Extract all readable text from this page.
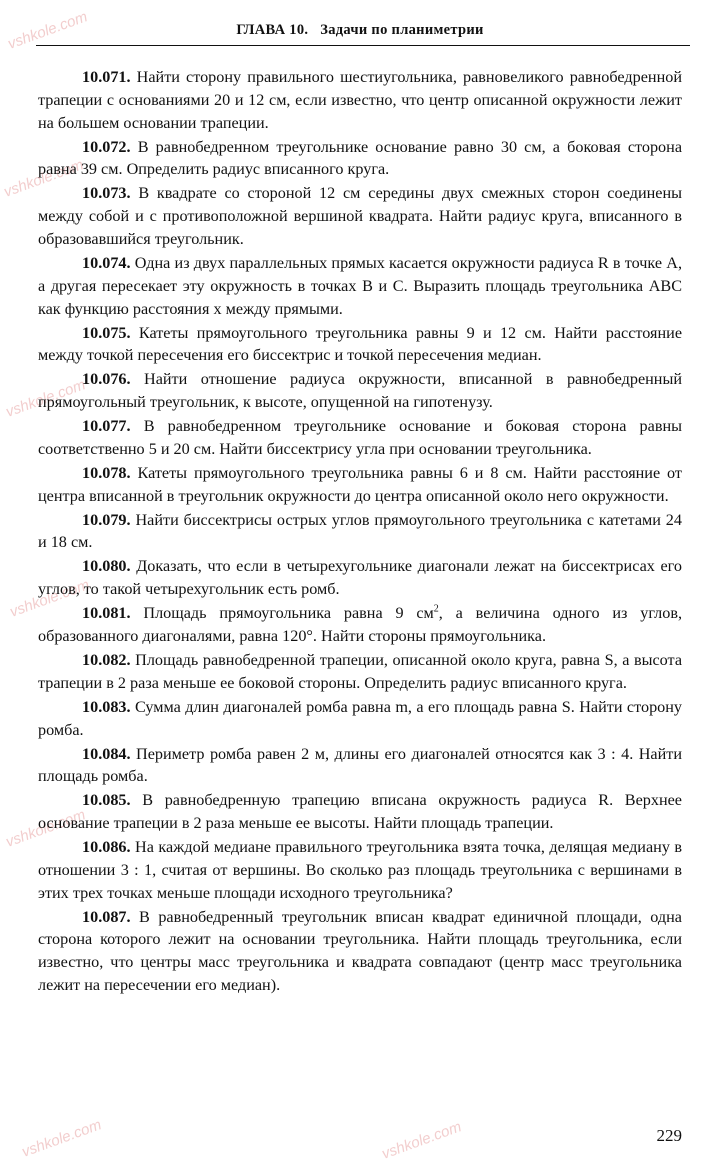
vshkole.com
vshkole.com
vshkole.com
vshkole.com
vshkole.com
vshkole.com	vshkole.com
ГЛАВА 10. Задачи по планиметрии

10.071. Найти сторону правильного шестиугольника, равновеликого равнобедренной трапеции с основаниями 20 и 12 см, если известно, что центр описанной окружности лежит на большем основании трапеции.

10.072. В равнобедренном треугольнике основание равно 30 см, а боковая сторона равна 39 см. Определить радиус вписанного круга.

10.073. В квадрате со стороной 12 см середины двух смежных сторон соединены между собой и с противоположной вершиной квадрата. Найти радиус круга, вписанного в образовавшийся треугольник.

10.074. Одна из двух параллельных прямых касается окружности радиуса R в точке A, а другая пересекает эту окружность в точках B и C. Выразить площадь треугольника ABC как функцию расстояния x между прямыми.

10.075. Катеты прямоугольного треугольника равны 9 и 12 см. Найти расстояние между точкой пересечения его биссектрис и точкой пересечения медиан.

10.076. Найти отношение радиуса окружности, вписанной в равнобедренный прямоугольный треугольник, к высоте, опущенной на гипотенузу.

10.077. В равнобедренном треугольнике основание и боковая сторона равны соответственно 5 и 20 см. Найти биссектрису угла при основании треугольника.

10.078. Катеты прямоугольного треугольника равны 6 и 8 см. Найти расстояние от центра вписанной в треугольник окружности до центра описанной около него окружности.

10.079. Найти биссектрисы острых углов прямоугольного треугольника с катетами 24 и 18 см.

10.080. Доказать, что если в четырехугольнике диагонали лежат на биссектрисах его углов, то такой четырехугольник есть ромб.

10.081. Площадь прямоугольника равна 9 $см^2$, а величина одного из углов, образованного диагоналями, равна 120°. Найти стороны прямоугольника.

10.082. Площадь равнобедренной трапеции, описанной около круга, равна S, а высота трапеции в 2 раза меньше ее боковой стороны. Определить радиус вписанного круга.

10.083. Сумма длин диагоналей ромба равна m, а его площадь равна S. Найти сторону ромба.

10.084. Периметр ромба равен 2 м, длины его диагоналей относятся как 3 : 4. Найти площадь ромба.

10.085. В равнобедренную трапецию вписана окружность радиуса R. Верхнее основание трапеции в 2 раза меньше ее высоты. Найти площадь трапеции.

10.086. На каждой медиане правильного треугольника взята точка, делящая медиану в отношении 3 : 1, считая от вершины. Во сколько раз площадь треугольника с вершинами в этих трех точках меньше площади исходного треугольника?

10.087. В равнобедренный треугольник вписан квадрат единичной площади, одна сторона которого лежит на основании треугольника. Найти площадь треугольника, если известно, что центры масс треугольника и квадрата совпадают (центр масс треугольника лежит на пересечении его медиан).

229
